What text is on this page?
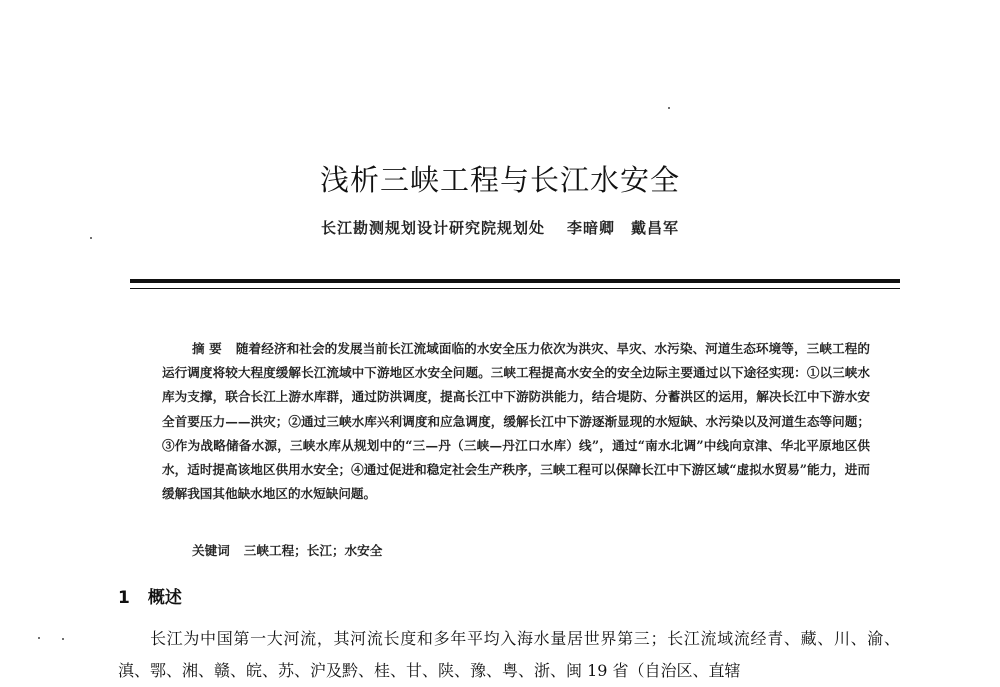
浅析三峡工程与长江水安全
长江勘测规划设计研究院规划处 李暗卿 戴昌军
摘 要 随着经济和社会的发展当前长江流域面临的水安全压力依次为洪灾、旱灾、水污染、河道生态环境等，三峡工程的运行调度将较大程度缓解长江流域中下游地区水安全问题。三峡工程提高水安全的安全边际主要通过以下途径实现：①以三峡水库为支撑，联合长江上游水库群，通过防洪调度，提高长江中下游防洪能力，结合堤防、分蓄洪区的运用，解决长江中下游水安全首要压力——洪灾；②通过三峡水库兴利调度和应急调度，缓解长江中下游逐渐显现的水短缺、水污染以及河道生态等问题；③作为战略储备水源，三峡水库从规划中的“三—丹（三峡—丹江口水库）线”，通过“南水北调”中线向京津、华北平原地区供水，适时提高该地区供用水安全；④通过促进和稳定社会生产秩序，三峡工程可以保障长江中下游区域“虚拟水贸易”能力，进而缓解我国其他缺水地区的水短缺问题。
关键词 三峡工程；长江；水安全
1 概述
长江为中国第一大河流，其河流长度和多年平均入海水量居世界第三；长江流域流经青、藏、川、渝、滇、鄂、湘、赣、皖、苏、沪及黔、桂、甘、陕、豫、粤、浙、闽 19 省（自治区、直辖
